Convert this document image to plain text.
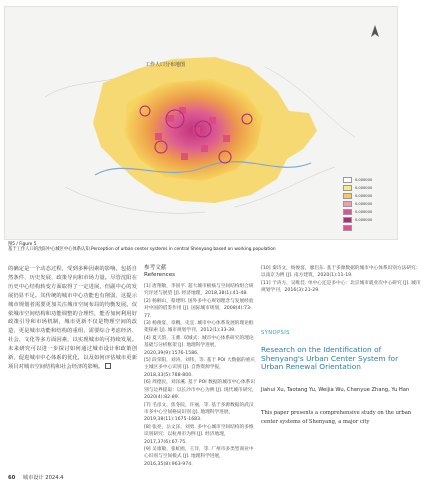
工作人口分布地图
0.000000
0.000000
0.000000
0.000000
0.000000
0.000000
图5 / Figure 5
基于工作人口的沈阳中心城区中心体系认知 Perception of urban center systems in central Shenyang based on working population
的确定是一个动态过程，受到多种因素的影响。包括自然条件、历史发展、政策导向和市场力量。尽管沈阳在历史中心结构转变方面取得了一定进展，但副中心的发展仍显不足。其传统的城市中心功能也有削弱，这提示城市规划者需要更加关注城市空间布局的均衡发展。仅依城市空间结构和功能调整的合理性，能否加何利用好政策引导和市场机制，城市更新不仅是物理空间的改造，更是城市功能和结构的重组，需要综合考虑经济、社会、文化等多方面因素，以实现城市的可持续发展。未来研究可以进一步探讨如何通过城市设计和政策创新，促进城市中心体系的优化，以及如何评估城市更新项目对城市空间结构和社会经济的影响。
参考文献
References

[1] 唐翔敏，李国平. 超大城市极核与空间结构组合研究评述与展望 [J]. 经济地理，2018,38(1):41-48.

[2] 杨桐山，蔡建明. 国外多中心规划理念与发展经验对中国的借鉴作用 [J]. 国际城市规划，2008(4):73-77.

[3] 杨俊宴，章稠，史宜. 城市中心体系发展的理论框架探索 [J]. 城市规划学刊，2012(1):33-39.

[4] 夏天韵，王薰. 双城式：城市中心体系研究的理论基础与分析框架 [J]. 地理科学进展，2020,39(9):1576-1586.

[5] 段荣阳，刘涛，刘伟，等. 基于 POI 大数据的重庆主城区多中心识别 [J]. 自然资源学报，2018,33(5):788-800.

[6] 周德民，刘泽溪. 基于 POI 数据的城市中心体系识别与边界提取：以长沙市中心为例 [J]. 现代城市研究，2020(4):82-89.

[7] 毛彦文，焦冬院，许丽，等. 基于多源数据的武汉市多中心空间格局识别 [J]. 地理科学进展，2019,38(11):1675-1683.

[8] 张亮，岳文泽，刘勇. 多中心城市空间结构的多维识别研究：以杭州市为例 [J]. 经济地理，2017,37(6):67-75.

[9] 吴康敏，张虹鸥，王洋，等. 广州市多类型商业中心识别与空间模式 [J]. 地理科学进展，2016,35(8):963-974.

[10] 秦诗文，杨俊宴，廖启东. 基于多源数据的城市中心体系识别方法研究：以南京为例 [J]. 南方建筑，2020(1):11-19.

[11] 于涛方，吴唯佳. 单中心还是多中心：北京城市就业次中心研究 [J]. 城市规划学刊，2016(3):21-29.

SYNOPSIS
Research on the Identification of Shenyang's Urban Center System for Urban Renewal Orientation
Jiahui Xu, Taotang Yu, Weijia Wu, Chenyue Zhang, Yu Han
This paper presents a comprehensive study on the urban center systems of Shenyang, a major city
60 城市设计 2024.4
